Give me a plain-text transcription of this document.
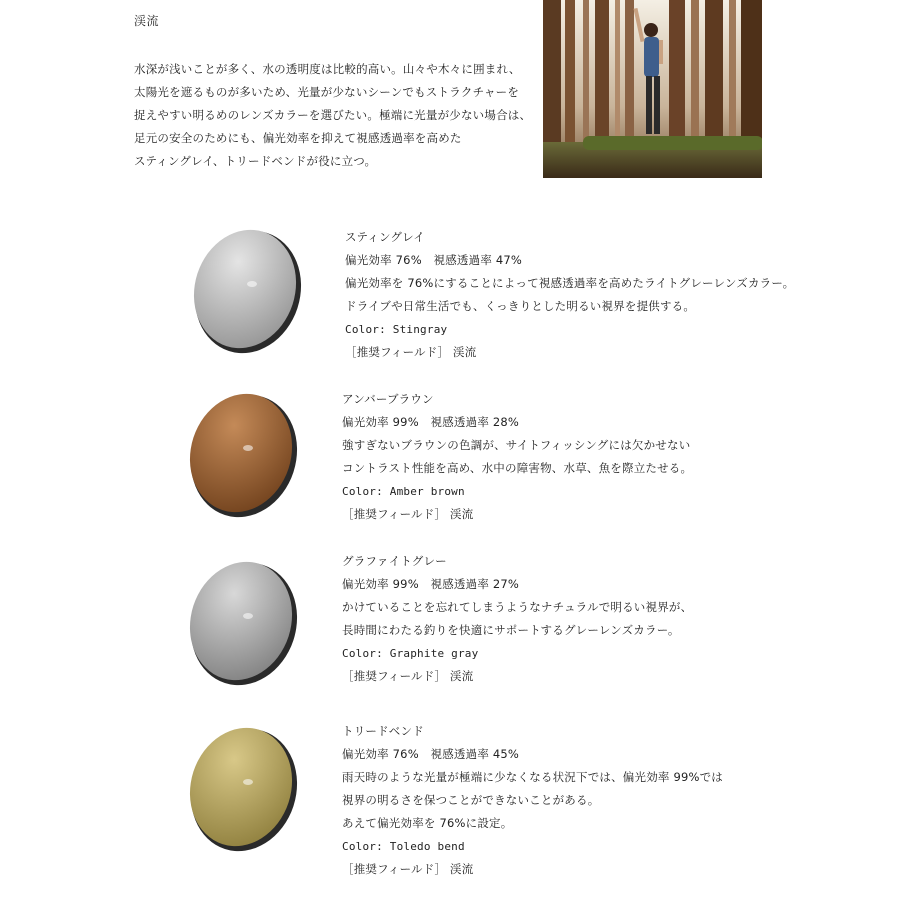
渓流
水深が浅いことが多く、水の透明度は比較的高い。山々や木々に囲まれ、
太陽光を遮るものが多いため、光量が少ないシーンでもストラクチャーを
捉えやすい明るめのレンズカラーを選びたい。極端に光量が少ない場合は、
足元の安全のためにも、偏光効率を抑えて視感透過率を高めた
スティングレイ、トリードベンドが役に立つ。
スティングレイ
偏光効率 76%　視感透過率 47%
偏光効率を 76%にすることによって視感透過率を高めたライトグレーレンズカラー。
ドライブや日常生活でも、くっきりとした明るい視界を提供する。
Color: Stingray
［推奨フィールド］ 渓流
アンバーブラウン
偏光効率 99%　視感透過率 28%
強すぎないブラウンの色調が、サイトフィッシングには欠かせない
コントラスト性能を高め、水中の障害物、水草、魚を際立たせる。
Color: Amber brown
［推奨フィールド］ 渓流
グラファイトグレー
偏光効率 99%　視感透過率 27%
かけていることを忘れてしまうようなナチュラルで明るい視界が、
長時間にわたる釣りを快適にサポートするグレーレンズカラー。
Color: Graphite gray
［推奨フィールド］ 渓流
トリードベンド
偏光効率 76%　視感透過率 45%
雨天時のような光量が極端に少なくなる状況下では、偏光効率 99%では
視界の明るさを保つことができないことがある。
あえて偏光効率を 76%に設定。
Color: Toledo bend
［推奨フィールド］ 渓流
